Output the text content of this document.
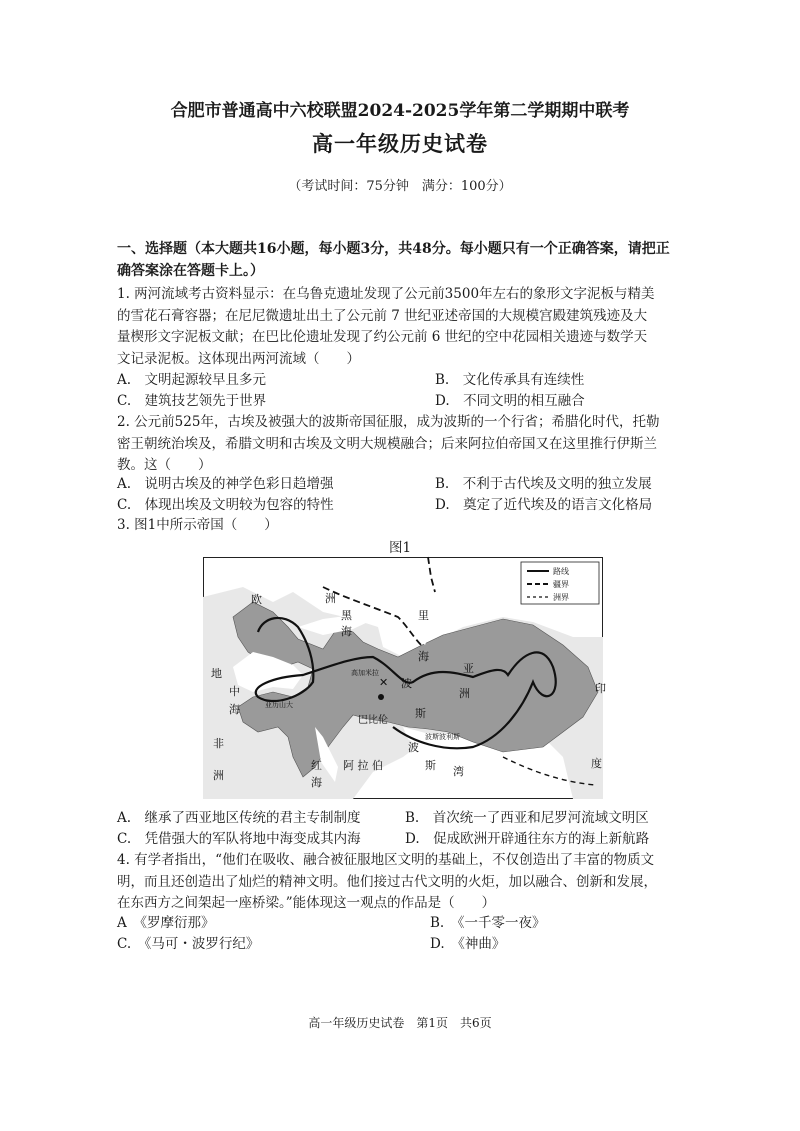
合肥市普通高中六校联盟2024-2025学年第二学期期中联考
高一年级历史试卷
（考试时间：75分钟　满分：100分）
一、选择题（本大题共16小题，每小题3分，共48分。每小题只有一个正确答案，请把正
确答案涂在答题卡上。）
1. 两河流域考古资料显示：在乌鲁克遗址发现了公元前3500年左右的象形文字泥板与精美
的雪花石膏容器；在尼尼微遗址出土了公元前 7 世纪亚述帝国的大规模宫殿建筑残迹及大
量楔形文字泥板文献；在巴比伦遗址发现了约公元前 6 世纪的空中花园相关遗迹与数学天
文记录泥板。这体现出两河流域（　　）
A.　文明起源较早且多元	B.　文化传承具有连续性
C.　建筑技艺领先于世界	D.　不同文明的相互融合
2. 公元前525年，古埃及被强大的波斯帝国征服，成为波斯的一个行省；希腊化时代，托勒
密王朝统治埃及，希腊文明和古埃及文明大规模融合；后来阿拉伯帝国又在这里推行伊斯兰
教。这（　　）
A.　说明古埃及的神学色彩日趋增强	B.　不利于古代埃及文明的独立发展
C.　体现出埃及文明较为包容的特性	D.　奠定了近代埃及的语言文化格局
3. 图1中所示帝国（　　）
图1
巴比伦
高加米拉
亚历山大
波斯波利斯
✕
欧	洲
黑
海
里
海
地
中
海
非
洲
红
海
阿 拉 伯
亚
洲
波
斯
波
斯 湾
印
度
路线
疆界
洲界
A.　继承了西亚地区传统的君主专制制度	B.　首次统一了西亚和尼罗河流域文明区
C.　凭借强大的军队将地中海变成其内海	D.　促成欧洲开辟通往东方的海上新航路
4. 有学者指出，“他们在吸收、融合被征服地区文明的基础上，不仅创造出了丰富的物质文
明，而且还创造出了灿烂的精神文明。他们接过古代文明的火炬，加以融合、创新和发展，
在东西方之间架起一座桥梁。”能体现这一观点的作品是（　　）
A　《罗摩衍那》	B.　《一千零一夜》
C.　《马可・波罗行纪》	D.　《神曲》
高一年级历史试卷　第1页　共6页
